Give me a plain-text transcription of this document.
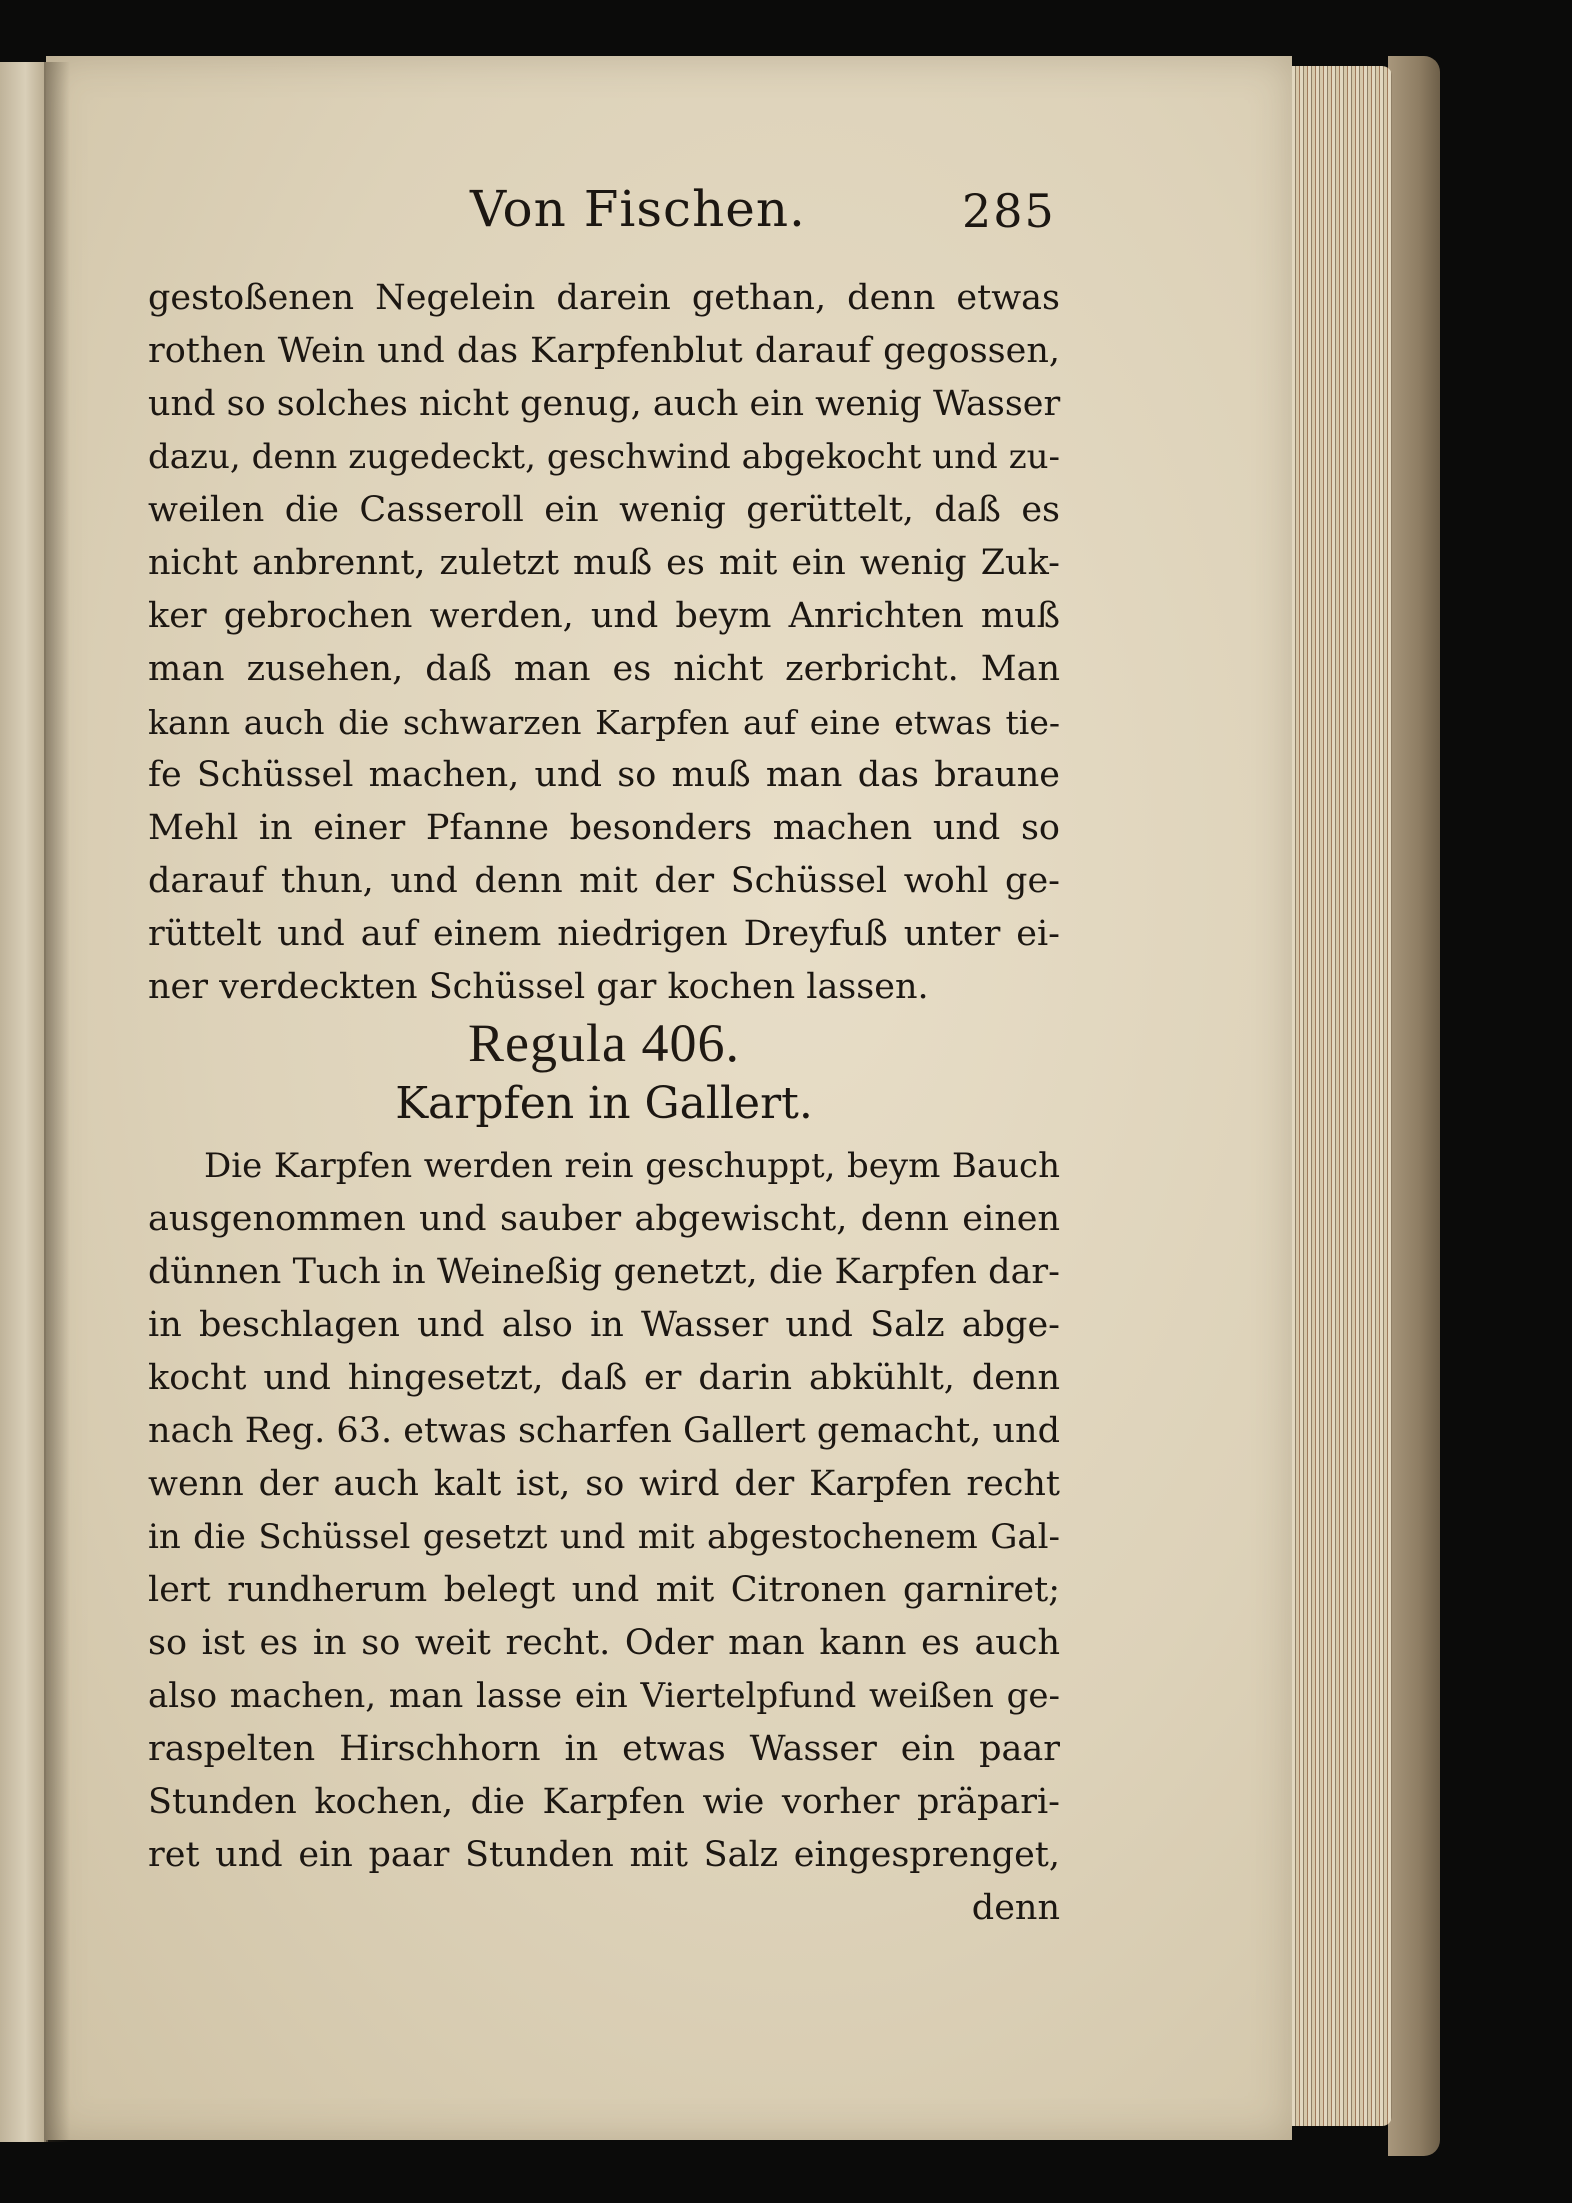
Von Fischen.	285
gestoßenen Negelein darein gethan, denn etwas
rothen Wein und das Karpfenblut darauf gegossen,
und so solches nicht genug, auch ein wenig Wasser
dazu, denn zugedeckt, geschwind abgekocht und zu-
weilen die Casseroll ein wenig gerüttelt, daß es
nicht anbrennt, zuletzt muß es mit ein wenig Zuk-
ker gebrochen werden, und beym Anrichten muß
man zusehen, daß man es nicht zerbricht. Man
kann auch die schwarzen Karpfen auf eine etwas tie-
fe Schüssel machen, und so muß man das braune
Mehl in einer Pfanne besonders machen und so
darauf thun, und denn mit der Schüssel wohl ge-
rüttelt und auf einem niedrigen Dreyfuß unter ei-
ner verdeckten Schüssel gar kochen lassen.
Regula 406.
Karpfen in Gallert.
Die Karpfen werden rein geschuppt, beym Bauch
ausgenommen und sauber abgewischt, denn einen
dünnen Tuch in Weineßig genetzt, die Karpfen dar-
in beschlagen und also in Wasser und Salz abge-
kocht und hingesetzt, daß er darin abkühlt, denn
nach Reg. 63. etwas scharfen Gallert gemacht, und
wenn der auch kalt ist, so wird der Karpfen recht
in die Schüssel gesetzt und mit abgestochenem Gal-
lert rundherum belegt und mit Citronen garniret;
so ist es in so weit recht. Oder man kann es auch
also machen, man lasse ein Viertelpfund weißen ge-
raspelten Hirschhorn in etwas Wasser ein paar
Stunden kochen, die Karpfen wie vorher präpari-
ret und ein paar Stunden mit Salz eingesprenget,
denn
